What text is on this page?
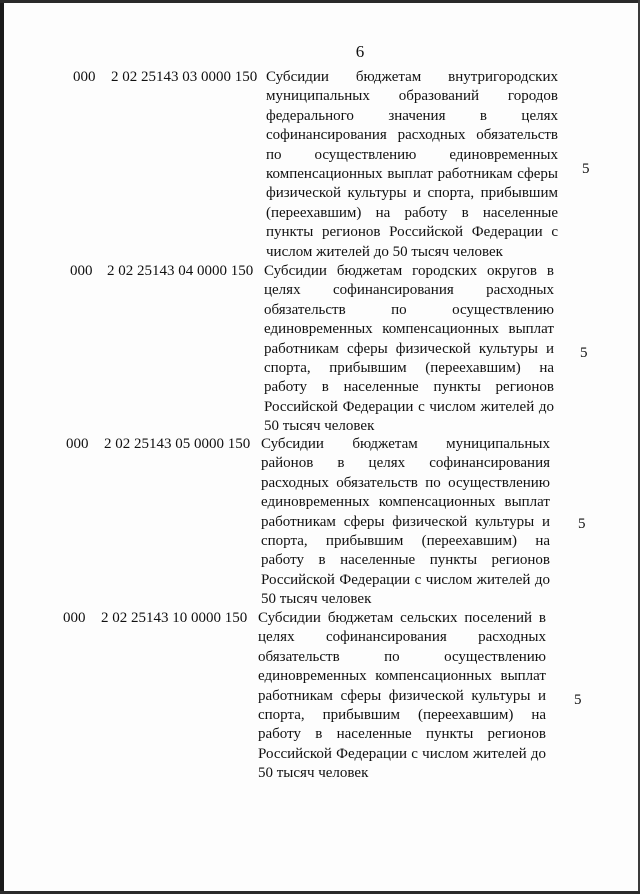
6
000 2 02 25143 03 0000 150 Субсидии бюджетам внутригородских муниципальных образований городов федерального значения в целях софинансирования расходных обязательств по осуществлению единовременных компенсационных выплат работникам сферы физической культуры и спорта, прибывшим (переехавшим) на работу в населенные пункты регионов Российской Федерации с числом жителей до 50 тысяч человек
5
000 2 02 25143 04 0000 150 Субсидии бюджетам городских округов в целях софинансирования расходных обязательств по осуществлению единовременных компенсационных выплат работникам сферы физической культуры и спорта, прибывшим (переехавшим) на работу в населенные пункты регионов Российской Федерации с числом жителей до 50 тысяч человек
5
000 2 02 25143 05 0000 150 Субсидии бюджетам муниципальных районов в целях софинансирования расходных обязательств по осуществлению единовременных компенсационных выплат работникам сферы физической культуры и спорта, прибывшим (переехавшим) на работу в населенные пункты регионов Российской Федерации с числом жителей до 50 тысяч человек
5
000 2 02 25143 10 0000 150 Субсидии бюджетам сельских поселений в целях софинансирования расходных обязательств по осуществлению единовременных компенсационных выплат работникам сферы физической культуры и спорта, прибывшим (переехавшим) на работу в населенные пункты регионов Российской Федерации с числом жителей до 50 тысяч человек
5
